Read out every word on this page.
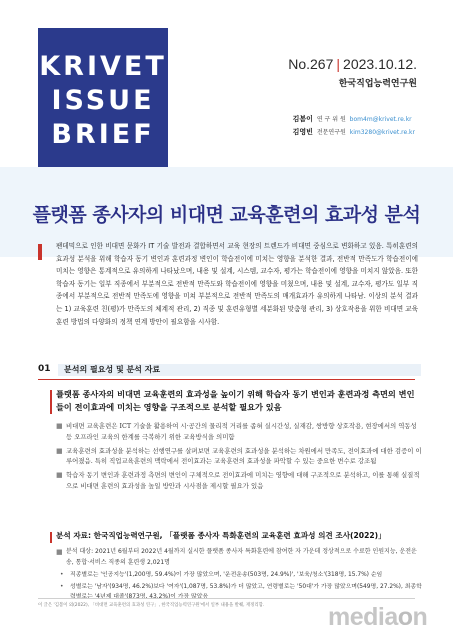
KRIVET
ISSUE
BRIEF
No.267 | 2023.10.12.
한국직업능력연구원
김봄이 연 구 위 원 bom4m@krivet.re.kr
김영빈 전문연구원 kim3280@krivet.re.kr
플랫폼 종사자의 비대면 교육훈련의 효과성 분석
팬데믹으로 인한 비대면 문화가 IT 기술 발전과 결합하면서 교육 현장의 트렌드가 비대면 중심으로 변화하고 있음. 특히훈련의 효과성 분석을 위해 학습자 동기 변인과 훈련과정 변인이 학습전이에 미치는 영향을 분석한 결과, 전반적 만족도가 학습전이에 미치는 영향은 통계적으로 유의하게 나타났으며, 내용 및 설계, 시스템, 교수자, 평가는 학습전이에 영향을 미치지 않았음. 또한 학습자 동기는 일부 직종에서 부분적으로 전반적 만족도와 학습전이에 영향을 미쳤으며, 내용 및 설계, 교수자, 평가도 일부 직종에서 부분적으로 전반적 만족도에 영향을 미쳐 부분적으로 전반적 만족도의 매개효과가 유의하게 나타남. 이상의 분석 결과는 1) 교육훈련 친(평)가 만족도의 체계적 관리, 2) 직종 및 훈련유형별 세분화된 맞춤형 관리, 3) 상호작용을 위한 비대면 교육훈련 방법의 다양화의 정책 연계 방안이 필요함을 시사함.
01	분석의 필요성 및 분석 자료
플랫폼 종사자의 비대면 교육훈련의 효과성을 높이기 위해 학습자 동기 변인과 훈련과정 측면의 변인들이 전이효과에 미치는 영향을 구조적으로 분석할 필요가 있음
■ 비대면 교육훈련은 ICT 기술을 활용하여 시·공간의 물리적 거리를 좁혀 실시간성, 실재감, 쌍방향 상호작용, 현장에서의 역동성 등 오프라인 교육의 한계를 극복하기 위한 교육방식을 의미함
■ 교육훈련의 효과성을 분석하는 선행연구를 살펴보면 교육훈련의 효과성을 분석하는 차원에서 만족도, 전이효과에 대한 검증이 이루어졌음. 특히 직업교육훈련의 맥락에서 전이효과는 교육훈련의 효과성을 파악할 수 있는 중요한 변수로 강조됨
■ 학습자 동기 변인과 훈련과정 측면의 변인이 구체적으로 전이효과에 미치는 영향에 대해 구조적으로 분석하고, 이를 통해 실질적으로 비대면 훈련의 효과성을 높일 방안과 시사점을 제시할 필요가 있음
분석 자료: 한국직업능력연구원, 「플랫폼 종사자 특화훈련의 교육훈련 효과성 의견 조사(2022)」
■ 분석 대상: 2021년 6월부터 2022년 4월까지 실시한 플랫폼 종사자 특화훈련에 참여한 자 가운데 정상적으로 수료한 인원지능, 운전운송, 통합·서비스 직종의 훈련생 2,021명
• 직종별로는 '인공지능'(1,200명, 59.4%)이 가장 많았으며, '운전운송(503명, 24.9%)', '보육/청소'(318명, 15.7%) 순임
• 성별로는 '남자'(934명, 46.2%)보다 '여자'(1,087명, 53.8%)가 더 많았고, 연령별로는 '50대'가 가장 많았으며(549명, 27.2%), 최종학력별로는 '4년제 대졸'(873명, 43.2%)이 가장 많았음
이 글은 '김봄이 외(2022), 「비대면 교육훈련의 효과성 연구」, 한국직업능력연구원'에서 일부 내용을 발췌, 재정리함.	mediaon
